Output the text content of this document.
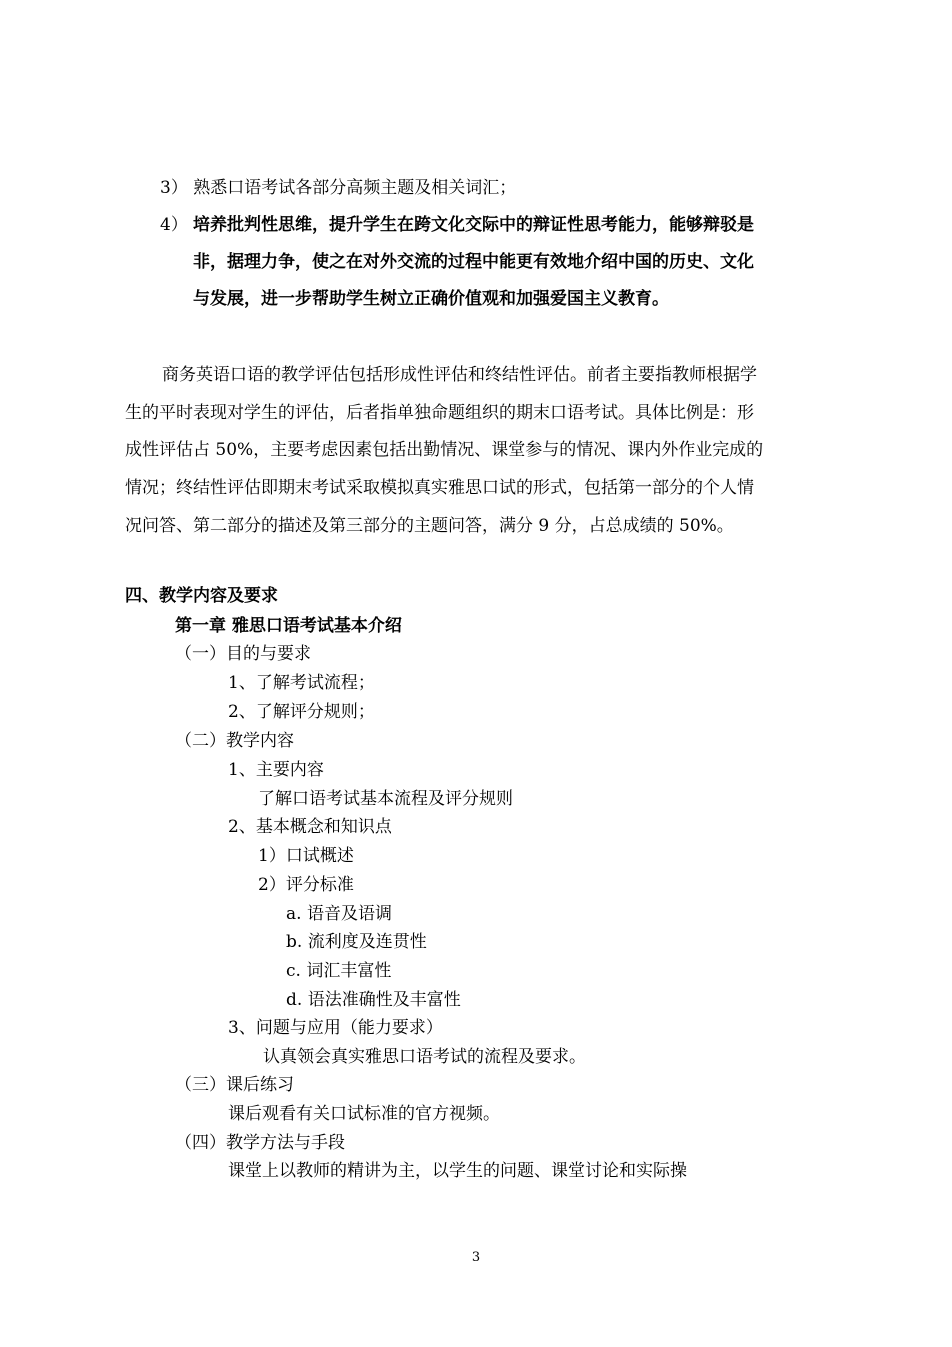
3） 熟悉口语考试各部分高频主题及相关词汇；
4） 培养批判性思维，提升学生在跨文化交际中的辩证性思考能力，能够辩驳是
非，据理力争，使之在对外交流的过程中能更有效地介绍中国的历史、文化
与发展，进一步帮助学生树立正确价值观和加强爱国主义教育。
商务英语口语的教学评估包括形成性评估和终结性评估。前者主要指教师根据学
生的平时表现对学生的评估，后者指单独命题组织的期末口语考试。具体比例是：形
成性评估占 50%，主要考虑因素包括出勤情况、课堂参与的情况、课内外作业完成的
情况；终结性评估即期末考试采取模拟真实雅思口试的形式，包括第一部分的个人情
况问答、第二部分的描述及第三部分的主题问答，满分 9 分，占总成绩的 50%。
四、教学内容及要求
第一章 雅思口语考试基本介绍
（一）目的与要求
1、了解考试流程；
2、了解评分规则；
（二）教学内容
1、主要内容
了解口语考试基本流程及评分规则
2、基本概念和知识点
1）口试概述
2）评分标准
a. 语音及语调
b. 流利度及连贯性
c. 词汇丰富性
d. 语法准确性及丰富性
3、问题与应用（能力要求）
认真领会真实雅思口语考试的流程及要求。
（三）课后练习
课后观看有关口试标准的官方视频。
（四）教学方法与手段
课堂上以教师的精讲为主，以学生的问题、课堂讨论和实际操
3
